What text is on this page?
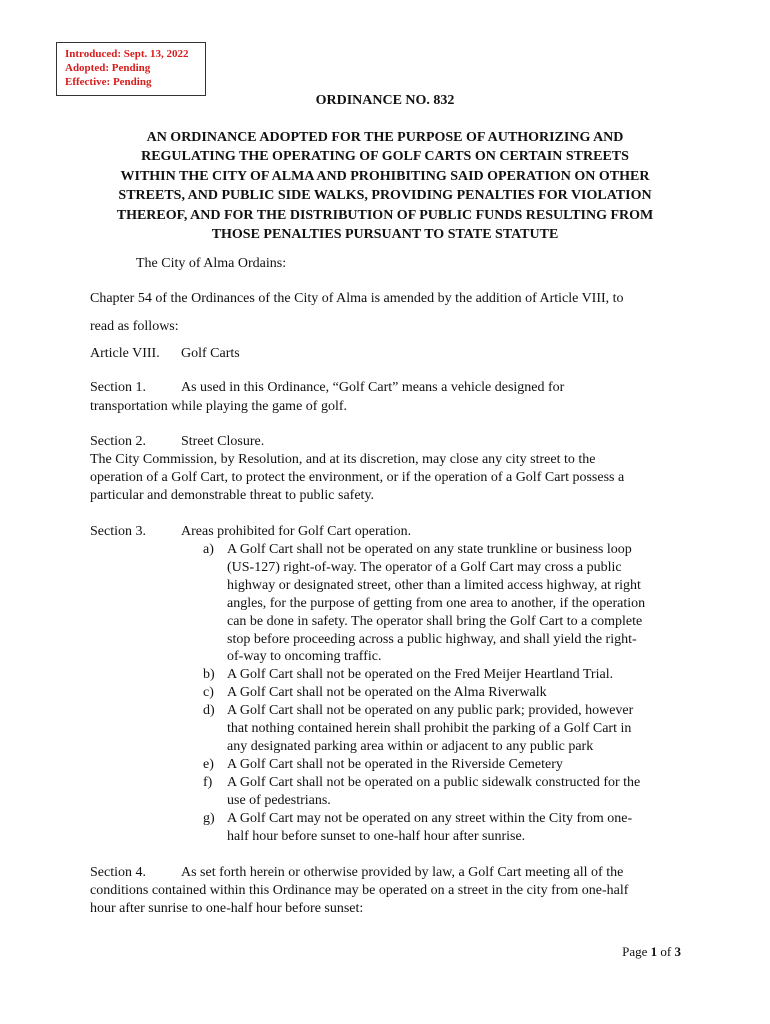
Introduced: Sept. 13, 2022
Adopted: Pending
Effective: Pending
ORDINANCE NO. 832
AN ORDINANCE ADOPTED FOR THE PURPOSE OF AUTHORIZING AND
REGULATING THE OPERATING OF GOLF CARTS ON CERTAIN STREETS
WITHIN THE CITY OF ALMA AND PROHIBITING SAID OPERATION ON OTHER
STREETS, AND PUBLIC SIDE WALKS, PROVIDING PENALTIES FOR VIOLATION
THEREOF, AND FOR THE DISTRIBUTION OF PUBLIC FUNDS RESULTING FROM
THOSE PENALTIES PURSUANT TO STATE STATUTE
The City of Alma Ordains:
Chapter 54 of the Ordinances of the City of Alma is amended by the addition of Article VIII, to
read as follows:
Article VIII. Golf Carts
Section 1.	As used in this Ordinance, “Golf Cart” means a vehicle designed for
transportation while playing the game of golf.
Section 2.	Street Closure.
The City Commission, by Resolution, and at its discretion, may close any city street to the
operation of a Golf Cart, to protect the environment, or if the operation of a Golf Cart possess a
particular and demonstrable threat to public safety.
Section 3.	Areas prohibited for Golf Cart operation.
a) A Golf Cart shall not be operated on any state trunkline or business loop
(US-127) right-of-way. The operator of a Golf Cart may cross a public
highway or designated street, other than a limited access highway, at right
angles, for the purpose of getting from one area to another, if the operation
can be done in safety. The operator shall bring the Golf Cart to a complete
stop before proceeding across a public highway, and shall yield the right-
of-way to oncoming traffic.
b) A Golf Cart shall not be operated on the Fred Meijer Heartland Trial.
c) A Golf Cart shall not be operated on the Alma Riverwalk
d) A Golf Cart shall not be operated on any public park; provided, however
that nothing contained herein shall prohibit the parking of a Golf Cart in
any designated parking area within or adjacent to any public park
e) A Golf Cart shall not be operated in the Riverside Cemetery
f) A Golf Cart shall not be operated on a public sidewalk constructed for the
use of pedestrians.
g) A Golf Cart may not be operated on any street within the City from one-
half hour before sunset to one-half hour after sunrise.
Section 4.	As set forth herein or otherwise provided by law, a Golf Cart meeting all of the
conditions contained within this Ordinance may be operated on a street in the city from one-half
hour after sunrise to one-half hour before sunset:
Page 1 of 3
